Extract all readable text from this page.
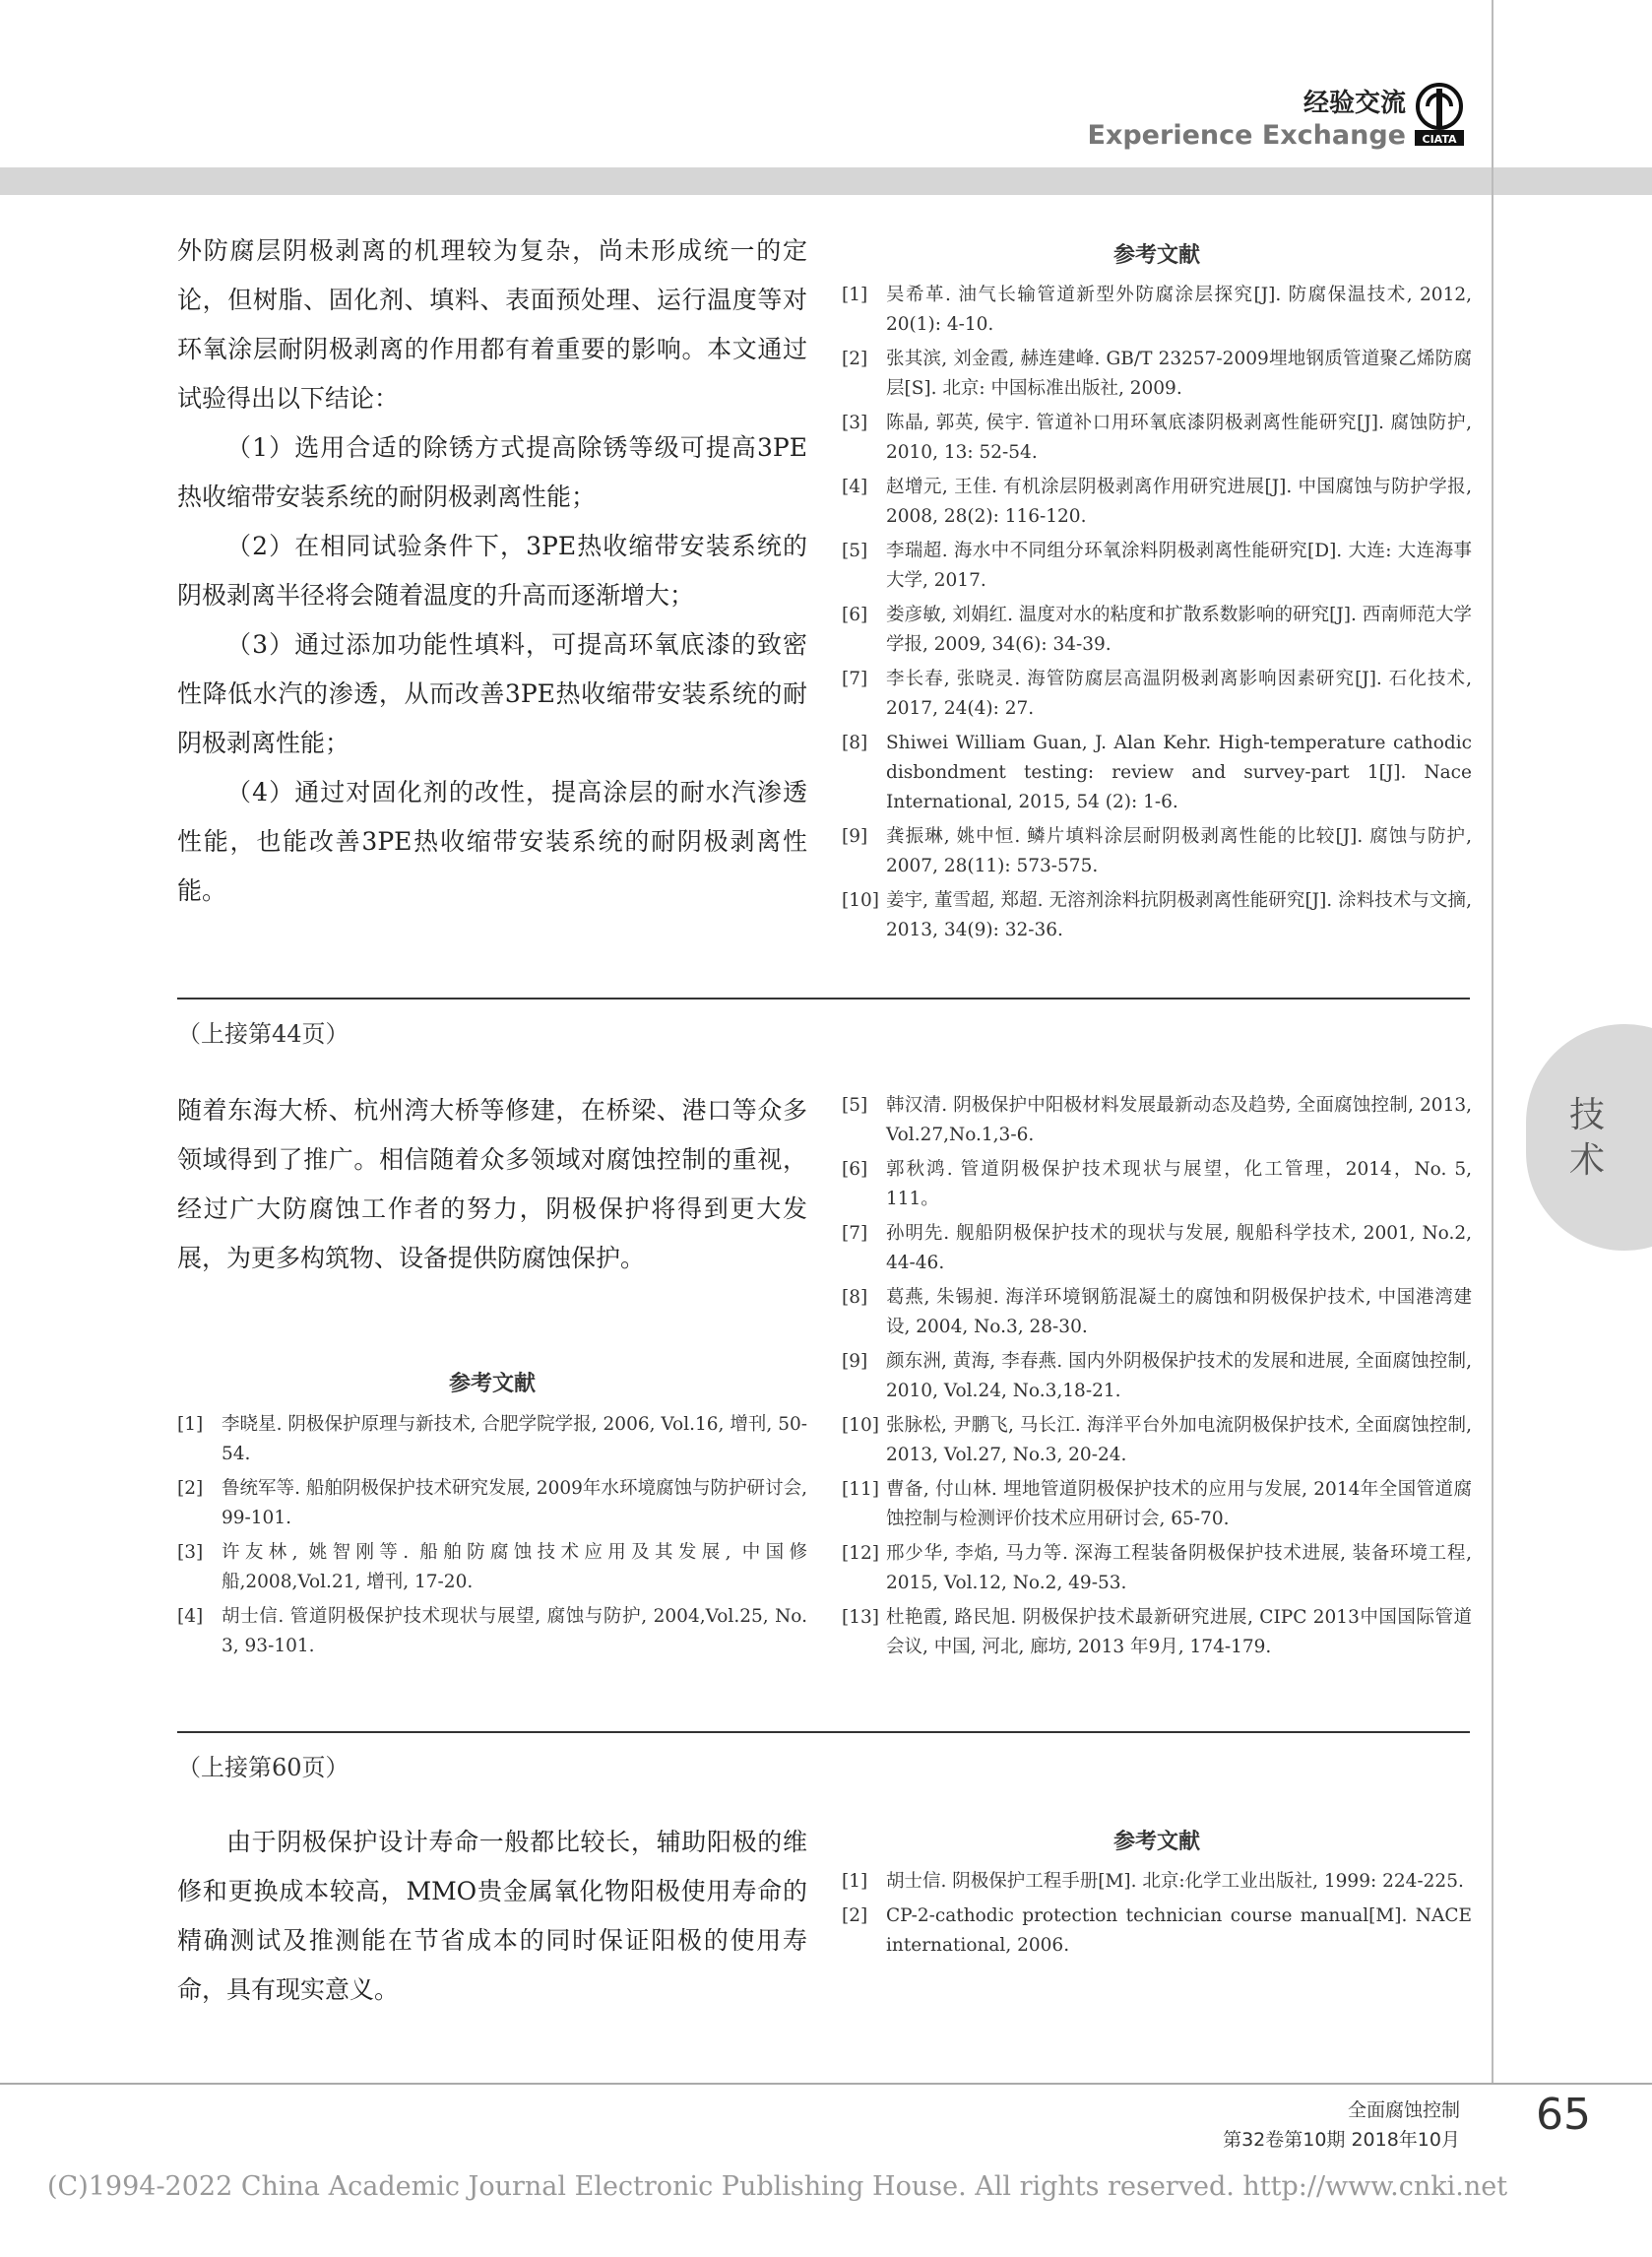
经验交流
Experience Exchange CIATA
技
术

外防腐层阴极剥离的机理较为复杂，尚未形成统一的定论，但树脂、固化剂、填料、表面预处理、运行温度等对环氧涂层耐阴极剥离的作用都有着重要的影响。本文通过试验得出以下结论：

（1）选用合适的除锈方式提高除锈等级可提高3PE热收缩带安装系统的耐阴极剥离性能；

（2）在相同试验条件下，3PE热收缩带安装系统的阴极剥离半径将会随着温度的升高而逐渐增大；

（3）通过添加功能性填料，可提高环氧底漆的致密性降低水汽的渗透，从而改善3PE热收缩带安装系统的耐阴极剥离性能；

（4）通过对固化剂的改性，提高涂层的耐水汽渗透性能，也能改善3PE热收缩带安装系统的耐阴极剥离性能。

参考文献
[1]	吴希革. 油气长输管道新型外防腐涂层探究[J]. 防腐保温技术, 2012, 20(1): 4-10.
[2]	张其滨, 刘金霞, 赫连建峰. GB/T 23257-2009埋地钢质管道聚乙烯防腐层[S]. 北京: 中国标准出版社, 2009.
[3]	陈晶, 郭英, 侯宇. 管道补口用环氧底漆阴极剥离性能研究[J]. 腐蚀防护, 2010, 13: 52-54.
[4]	赵增元, 王佳. 有机涂层阴极剥离作用研究进展[J]. 中国腐蚀与防护学报, 2008, 28(2): 116-120.
[5]	李瑞超. 海水中不同组分环氧涂料阴极剥离性能研究[D]. 大连: 大连海事大学, 2017.
[6]	娄彦敏, 刘娟红. 温度对水的粘度和扩散系数影响的研究[J]. 西南师范大学学报, 2009, 34(6): 34-39.
[7]	李长春, 张晓灵. 海管防腐层高温阴极剥离影响因素研究[J]. 石化技术, 2017, 24(4): 27.
[8]	Shiwei William Guan, J. Alan Kehr. High-temperature cathodic disbondment testing: review and survey-part 1[J]. Nace International, 2015, 54 (2): 1-6.
[9]	龚振琳, 姚中恒. 鳞片填料涂层耐阴极剥离性能的比较[J]. 腐蚀与防护, 2007, 28(11): 573-575.
[10] 姜宇, 董雪超, 郑超. 无溶剂涂料抗阴极剥离性能研究[J]. 涂料技术与文摘, 2013, 34(9): 32-36.
（上接第44页）

随着东海大桥、杭州湾大桥等修建，在桥梁、港口等众多领域得到了推广。相信随着众多领域对腐蚀控制的重视，经过广大防腐蚀工作者的努力，阴极保护将得到更大发展，为更多构筑物、设备提供防腐蚀保护。

参考文献
[1]	李晓星. 阴极保护原理与新技术, 合肥学院学报, 2006, Vol.16, 增刊, 50-54.
[2]	鲁统军等. 船舶阴极保护技术研究发展, 2009年水环境腐蚀与防护研讨会, 99-101.
[3]	许友林, 姚智刚等. 船舶防腐蚀技术应用及其发展, 中国修船,2008,Vol.21, 增刊, 17-20.
[4]	胡士信. 管道阴极保护技术现状与展望, 腐蚀与防护, 2004,Vol.25, No. 3, 93-101.
[5]	韩汉清. 阴极保护中阳极材料发展最新动态及趋势, 全面腐蚀控制, 2013, Vol.27,No.1,3-6.
[6]	郭秋鸿. 管道阴极保护技术现状与展望，化工管理，2014，No. 5, 111。
[7]	孙明先. 舰船阴极保护技术的现状与发展, 舰船科学技术, 2001, No.2, 44-46.
[8]	葛燕, 朱锡昶. 海洋环境钢筋混凝土的腐蚀和阴极保护技术, 中国港湾建设, 2004, No.3, 28-30.
[9]	颜东洲, 黄海, 李春燕. 国内外阴极保护技术的发展和进展, 全面腐蚀控制, 2010, Vol.24, No.3,18-21.
[10] 张脉松, 尹鹏飞, 马长江. 海洋平台外加电流阴极保护技术, 全面腐蚀控制, 2013, Vol.27, No.3, 20-24.
[11] 曹备, 付山林. 埋地管道阴极保护技术的应用与发展, 2014年全国管道腐蚀控制与检测评价技术应用研讨会, 65-70.
[12] 邢少华, 李焰, 马力等. 深海工程装备阴极保护技术进展, 装备环境工程, 2015, Vol.12, No.2, 49-53.
[13] 杜艳霞, 路民旭. 阴极保护技术最新研究进展, CIPC 2013中国国际管道会议, 中国, 河北, 廊坊, 2013 年9月, 174-179.
（上接第60页）

由于阴极保护设计寿命一般都比较长，辅助阳极的维修和更换成本较高，MMO贵金属氧化物阳极使用寿命的精确测试及推测能在节省成本的同时保证阳极的使用寿命，具有现实意义。

参考文献
[1]	胡士信. 阴极保护工程手册[M]. 北京:化学工业出版社, 1999: 224-225.
[2]	CP-2-cathodic protection technician course manual[M]. NACE international, 2006.
全面腐蚀控制
第32卷第10期 2018年10月 65
(C)1994-2022 China Academic Journal Electronic Publishing House. All rights reserved. http://www.cnki.net
